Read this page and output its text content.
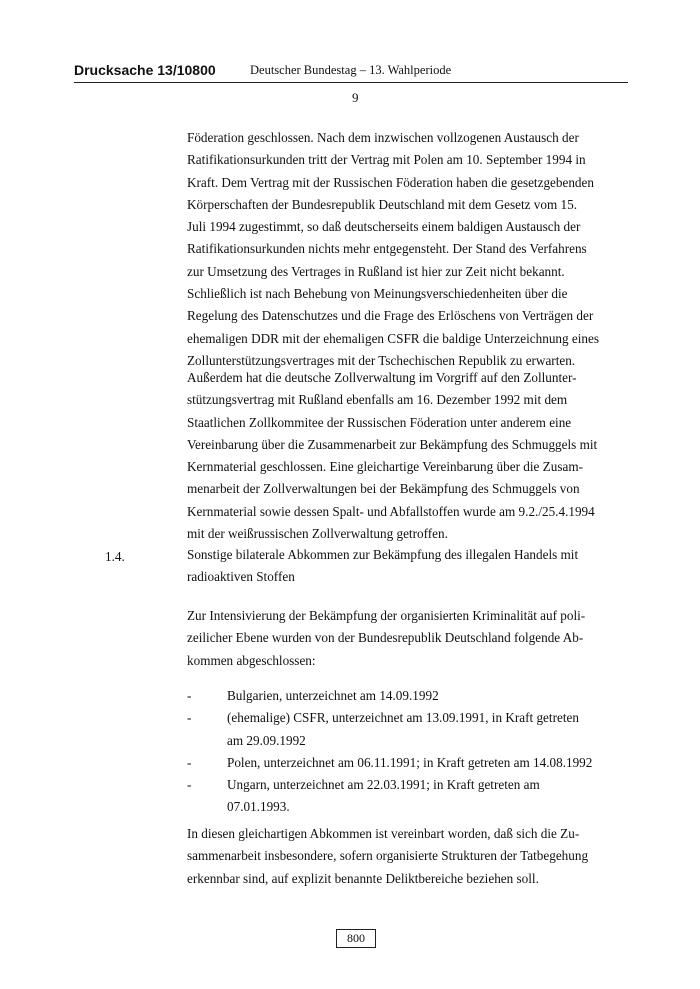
Drucksache 13/10800	Deutscher Bundestag – 13. Wahlperiode
9
Föderation geschlossen. Nach dem inzwischen vollzogenen Austausch der
Ratifikationsurkunden tritt der Vertrag mit Polen am 10. September 1994 in
Kraft. Dem Vertrag mit der Russischen Föderation haben die gesetzgebenden
Körperschaften der Bundesrepublik Deutschland mit dem Gesetz vom 15.
Juli 1994 zugestimmt, so daß deutscherseits einem baldigen Austausch der
Ratifikationsurkunden nichts mehr entgegensteht. Der Stand des Verfahrens
zur Umsetzung des Vertrages in Rußland ist hier zur Zeit nicht bekannt.
Schließlich ist nach Behebung von Meinungsverschiedenheiten über die
Regelung des Datenschutzes und die Frage des Erlöschens von Verträgen der
ehemaligen DDR mit der ehemaligen CSFR die baldige Unterzeichnung eines
Zollunterstützungsvertrages mit der Tschechischen Republik zu erwarten.
Außerdem hat die deutsche Zollverwaltung im Vorgriff auf den Zollunter-
stützungsvertrag mit Rußland ebenfalls am 16. Dezember 1992 mit dem
Staatlichen Zollkommitee der Russischen Föderation unter anderem eine
Vereinbarung über die Zusammenarbeit zur Bekämpfung des Schmuggels mit
Kernmaterial geschlossen. Eine gleichartige Vereinbarung über die Zusam-
menarbeit der Zollverwaltungen bei der Bekämpfung des Schmuggels von
Kernmaterial sowie dessen Spalt- und Abfallstoffen wurde am 9.2./25.4.1994
mit der weißrussischen Zollverwaltung getroffen.
1.4.	Sonstige bilaterale Abkommen zur Bekämpfung des illegalen Handels mit
radioaktiven Stoffen
Zur Intensivierung der Bekämpfung der organisierten Kriminalität auf poli-
zeilicher Ebene wurden von der Bundesrepublik Deutschland folgende Ab-
kommen abgeschlossen:
-	Bulgarien, unterzeichnet am 14.09.1992
-	(ehemalige) CSFR, unterzeichnet am 13.09.1991, in Kraft getreten
am 29.09.1992
-	Polen, unterzeichnet am 06.11.1991; in Kraft getreten am 14.08.1992
-	Ungarn, unterzeichnet am 22.03.1991; in Kraft getreten am
07.01.1993.
In diesen gleichartigen Abkommen ist vereinbart worden, daß sich die Zu-
sammenarbeit insbesondere, sofern organisierte Strukturen der Tatbegehung
erkennbar sind, auf explizit benannte Deliktbereiche beziehen soll.
800
